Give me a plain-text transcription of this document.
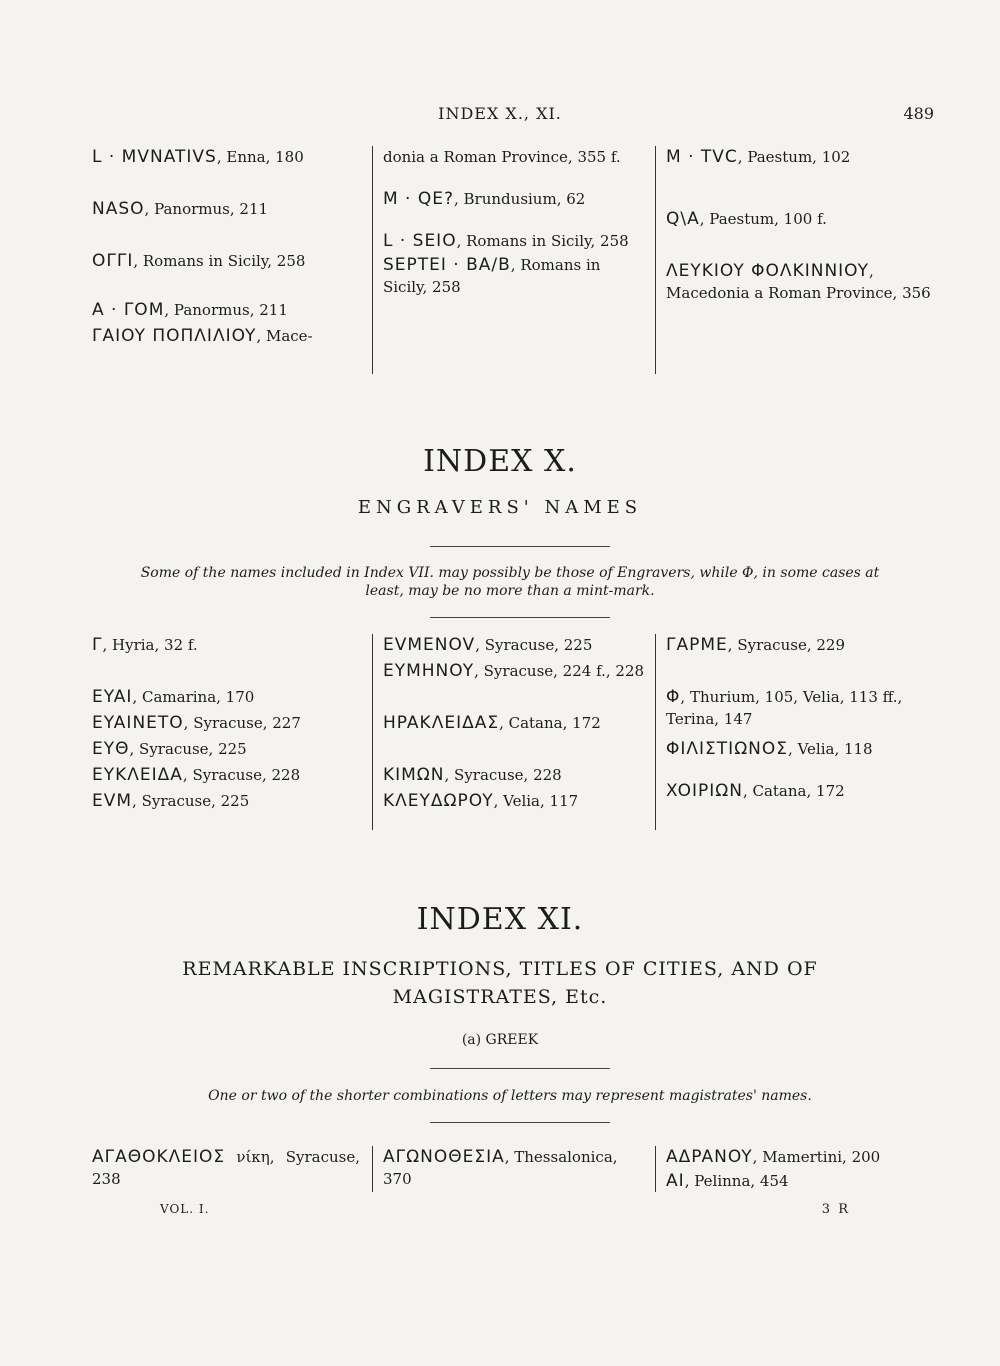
INDEX X., XI.	489
L · MVNATIVS, Enna, 180
NASO, Panormus, 211
OΓΓI, Romans in Sicily, 258
A · ΓOM, Panormus, 211
ΓAIOY ΠOΠΛIΛIOY, Mace-
donia a Roman Province, 355 f.
M · QE?, Brundusium, 62
L · SEIO, Romans in Sicily, 258
SEPTEI · BA/B, Romans in Sicily, 258
M · TVC, Paestum, 102
Q\A, Paestum, 100 f.
ΛEYKIOY ΦOΛKINNIOY, Macedonia a Roman Province, 356
INDEX X.
ENGRAVERS' NAMES
Some of the names included in Index VII. may possibly be those of Engravers, while Φ, in some cases at least, may be no more than a mint-mark.
Γ, Hyria, 32 f.
EYAI, Camarina, 170
EYAINETO, Syracuse, 227
EYΘ, Syracuse, 225
EYKΛEIΔA, Syracuse, 228
EVM, Syracuse, 225
EVMENOV, Syracuse, 225
EYMHNOY, Syracuse, 224 f., 228
HPAKΛEIΔAΣ, Catana, 172
KIMΩN, Syracuse, 228
KΛEYΔΩPOY, Velia, 117
ΓAPME, Syracuse, 229
Φ, Thurium, 105, Velia, 113 ff., Terina, 147
ΦIΛIΣTIΩNOΣ, Velia, 118
XOIPIΩN, Catana, 172
INDEX XI.
REMARKABLE INSCRIPTIONS, TITLES OF CITIES, AND OF
MAGISTRATES, Etc.
(a) GREEK
One or two of the shorter combinations of letters may represent magistrates' names.
AΓAΘOKΛEIOΣ νίκη, Syracuse, 238
AΓΩNOΘEΣIA, Thessalonica, 370
AΔPANOY, Mamertini, 200
AI, Pelinna, 454
VOL. I.	3 R
